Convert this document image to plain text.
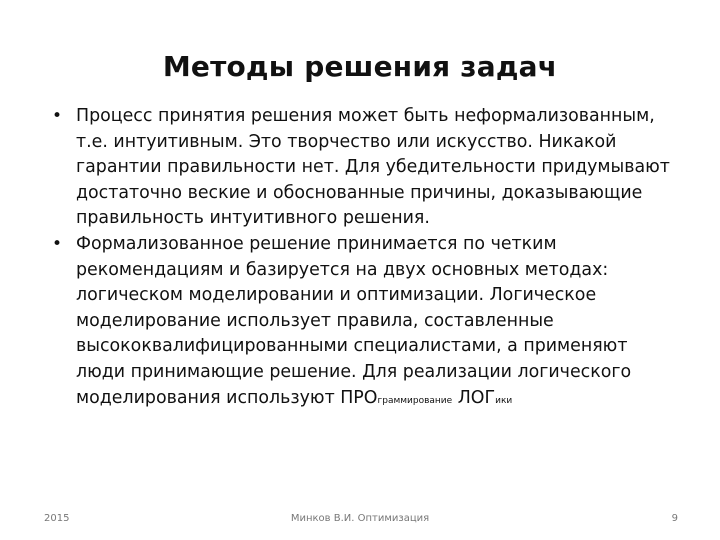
Методы решения задач

• Процесс принятия решения может быть неформализованным, т.е. интуитивным. Это творчество или искусство. Никакой гарантии правильности нет. Для убедительности придумывают достаточно веские и обоснованные причины, доказывающие правильность интуитивного решения.

• Формализованное решение принимается по четким рекомендациям и базируется на двух основных методах: логическом моделировании и оптимизации. Логическое моделирование использует правила, составленные высококвалифицированными специалистами, а применяют люди принимающие решение. Для реализации логического моделирования используют ПРОграммирование ЛОГики

2015	Минков В.И. Оптимизация	9
